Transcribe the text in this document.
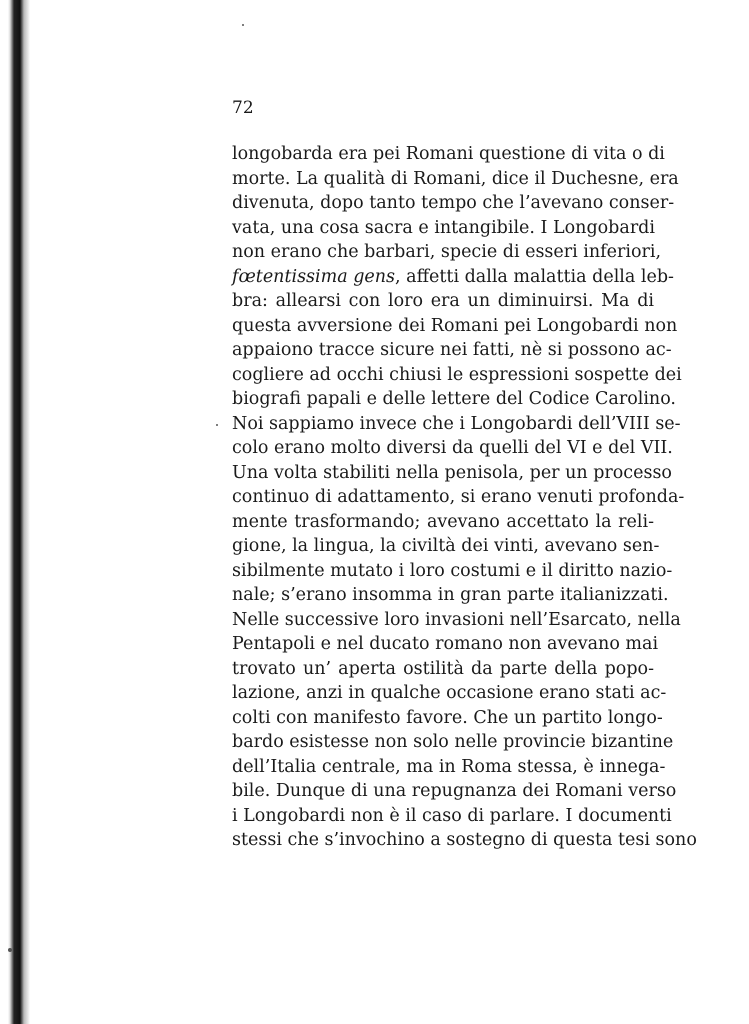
72
longobarda era pei Romani questione di vita o di
morte. La qualità di Romani, dice il Duchesne, era
divenuta, dopo tanto tempo che l’avevano conser-
vata, una cosa sacra e intangibile. I Longobardi
non erano che barbari, specie di esseri inferiori,
fœtentissima gens, affetti dalla malattia della leb-
bra: allearsi con loro era un diminuirsi. Ma di
questa avversione dei Romani pei Longobardi non
appaiono tracce sicure nei fatti, nè si possono ac-
cogliere ad occhi chiusi le espressioni sospette dei
biografi papali e delle lettere del Codice Carolino.
Noi sappiamo invece che i Longobardi dell’VIII se-
colo erano molto diversi da quelli del VI e del VII.
Una volta stabiliti nella penisola, per un processo
continuo di adattamento, si erano venuti profonda-
mente trasformando; avevano accettato la reli-
gione, la lingua, la civiltà dei vinti, avevano sen-
sibilmente mutato i loro costumi e il diritto nazio-
nale; s’erano insomma in gran parte italianizzati.
Nelle successive loro invasioni nell’Esarcato, nella
Pentapoli e nel ducato romano non avevano mai
trovato un’ aperta ostilità da parte della popo-
lazione, anzi in qualche occasione erano stati ac-
colti con manifesto favore. Che un partito longo-
bardo esistesse non solo nelle provincie bizantine
dell’Italia centrale, ma in Roma stessa, è innega-
bile. Dunque di una repugnanza dei Romani verso
i Longobardi non è il caso di parlare. I documenti
stessi che s’invochino a sostegno di questa tesi sono
